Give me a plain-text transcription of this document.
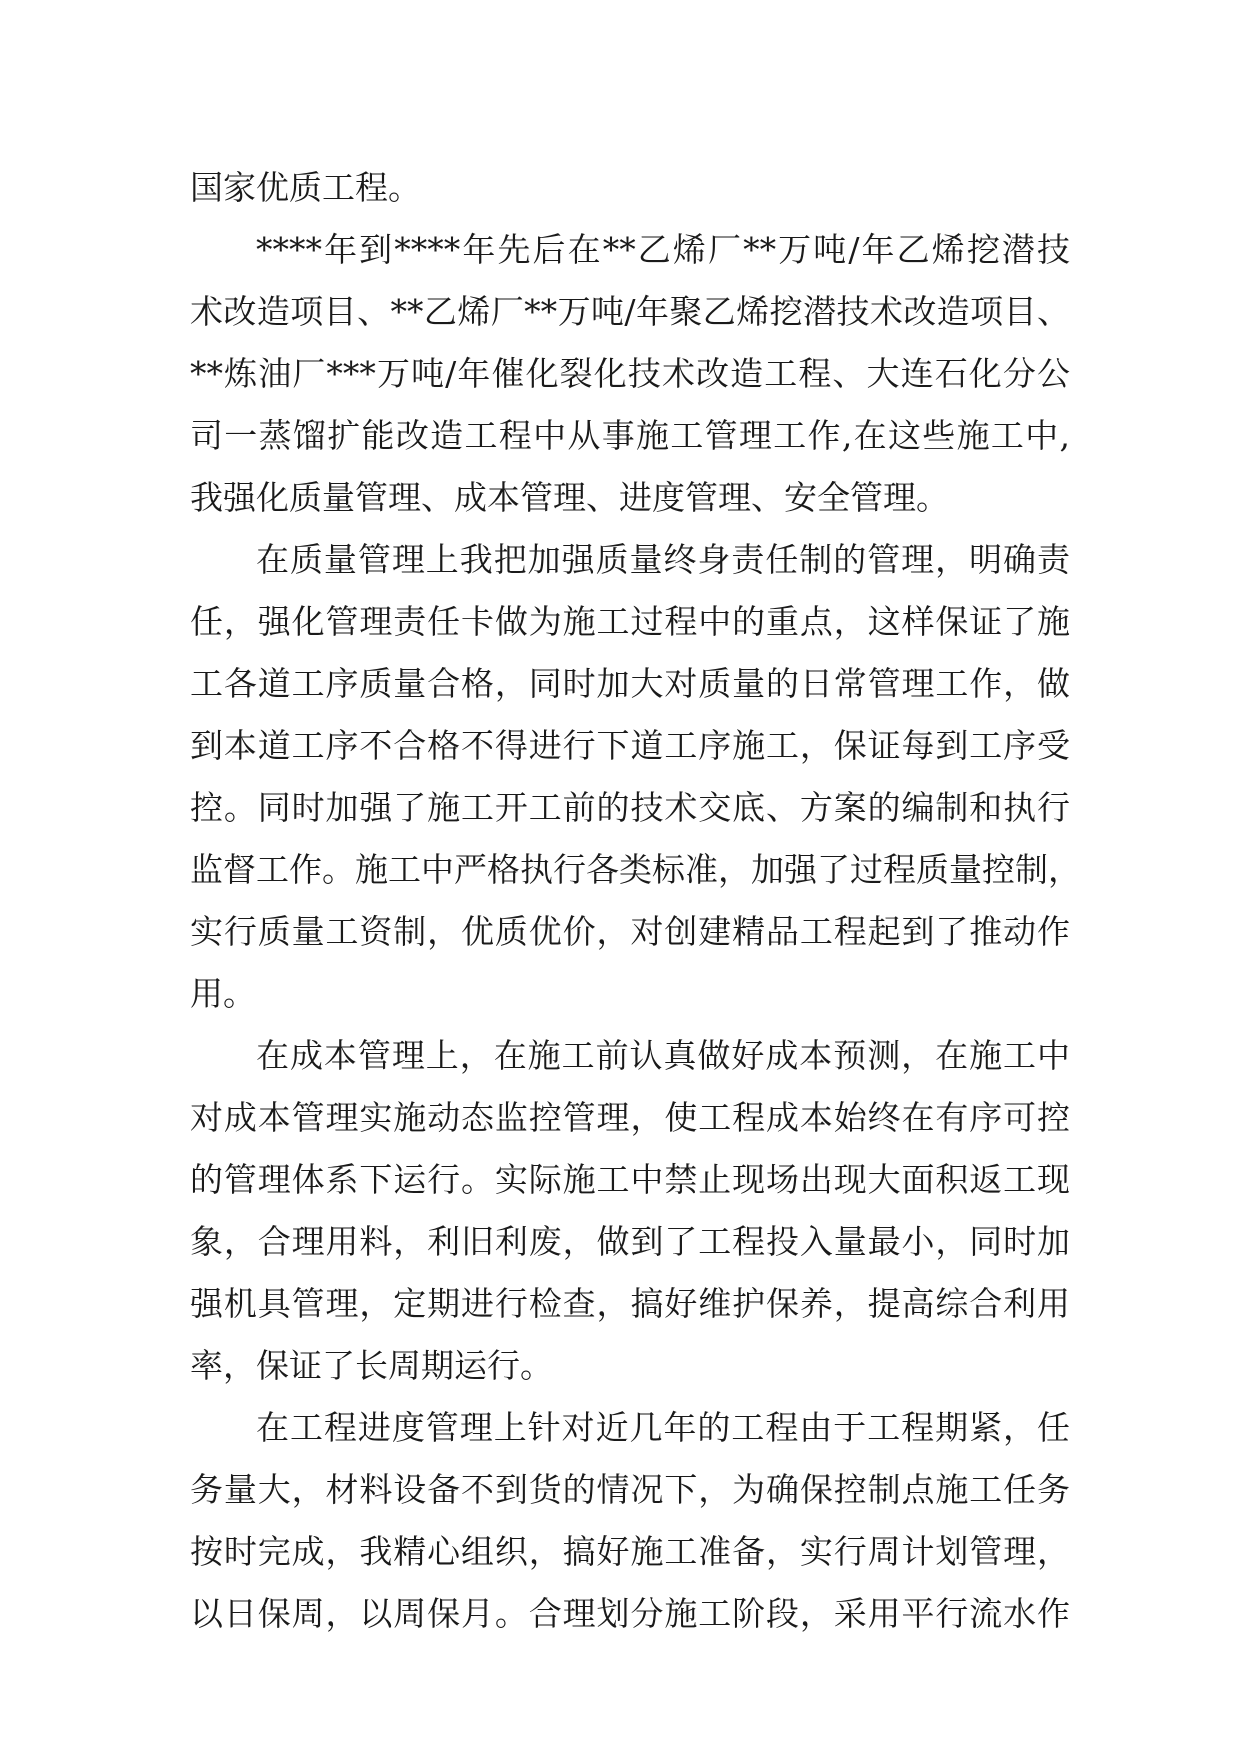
国家优质工程。
****年到****年先后在**乙烯厂**万吨/年乙烯挖潜技
术改造项目、**乙烯厂**万吨/年聚乙烯挖潜技术改造项目、
**炼油厂***万吨/年催化裂化技术改造工程、大连石化分公
司一蒸馏扩能改造工程中从事施工管理工作,在这些施工中,
我强化质量管理、成本管理、进度管理、安全管理。
在质量管理上我把加强质量终身责任制的管理，明确责
任，强化管理责任卡做为施工过程中的重点，这样保证了施
工各道工序质量合格，同时加大对质量的日常管理工作，做
到本道工序不合格不得进行下道工序施工，保证每到工序受
控。同时加强了施工开工前的技术交底、方案的编制和执行
监督工作。施工中严格执行各类标准，加强了过程质量控制，
实行质量工资制，优质优价，对创建精品工程起到了推动作
用。
在成本管理上，在施工前认真做好成本预测，在施工中
对成本管理实施动态监控管理，使工程成本始终在有序可控
的管理体系下运行。实际施工中禁止现场出现大面积返工现
象，合理用料，利旧利废，做到了工程投入量最小，同时加
强机具管理，定期进行检查，搞好维护保养，提高综合利用
率，保证了长周期运行。
在工程进度管理上针对近几年的工程由于工程期紧，任
务量大，材料设备不到货的情况下，为确保控制点施工任务
按时完成，我精心组织，搞好施工准备，实行周计划管理，
以日保周，以周保月。合理划分施工阶段，采用平行流水作
